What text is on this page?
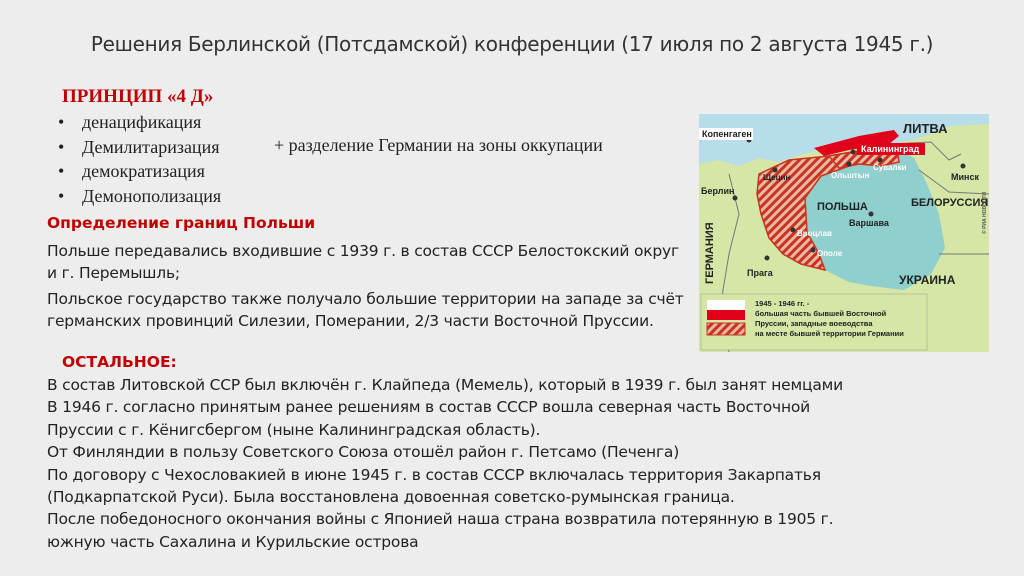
Решения Берлинской (Потсдамской) конференции (17 июля по 2 августа 1945 г.)
ПРИНЦИП «4 Д»
• денацификация
• Демилитаризация
• демократизация
• Демонополизация
+ разделение Германии на зоны оккупации
Определение границ Польши
Польше передавались входившие с 1939 г. в состав СССР Белостокский округ и г. Перемышль;
Польское государство также получало большие территории на западе за счёт германских провинций Силезии, Померании, 2/3 части Восточной Пруссии.
ОСТАЛЬНОЕ:
В состав Литовской ССР был включён г. Клайпеда (Мемель), который в 1939 г. был занят немцами
В 1946 г. согласно принятым ранее решениям в состав СССР вошла северная часть Восточной
Пруссии с г. Кёнигсбергом (ныне Калининградская область).
От Финляндии в пользу Советского Союза отошёл район г. Петсамо (Печенга)
По договору с Чехословакией в июне 1945 г. в состав СССР включалась территория Закарпатья
(Подкарпатской Руси). Была восстановлена довоенная советско-румынская граница.
После победоносного окончания войны с Японией наша страна возвратила потерянную в 1905 г.
южную часть Сахалина и Курильские острова
Копенгаген	ЛИТВА
Калининград
Сувалки
Ольштын
Щецин	Минск
Берлин
ПОЛЬША	БЕЛОРУССИЯ
Варшава
Вроцлав
Ополе
Прага	УКРАИНА
ГЕРМАНИЯ
© РИА НОВОСТИ
1945 - 1946 гг. -
большая часть бывшей Восточной
Пруссии, западные воеводства
на месте бывшей территории Германии
